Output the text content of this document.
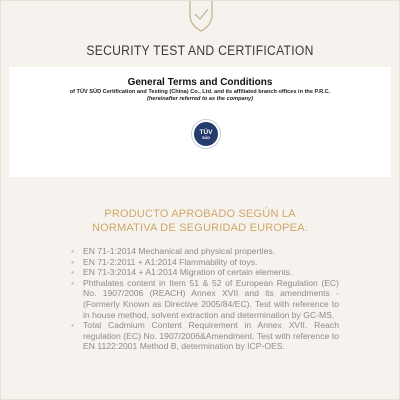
SECURITY TEST AND CERTIFICATION
General Terms and Conditions
of TÜV SÜD Certification and Testing (China) Co., Ltd. and its affiliated branch offices in the P.R.C.
(hereinafter referred to as the company)
TÜV
SÜD
PRODUCTO APROBADO SEGÚN LA
NORMATIVA DE SEGURIDAD EUROPEA.
• EN 71-1:2014 Mechanical and physical properties.
• EN 71-2:2011 + A1:2014 Flammability of toys.
• EN 71-3:2014 + A1:2014 Migration of certain elements.
• Phthalates content in Item 51 & 52 of European Regulation (EC) No. 1907/2006 (REACH) Annex XVII and its amendments - (Formerly Known as Directive 2005/84/EC). Test with reference to in house method, solvent extraction and determination by GC-MS.
• Total Cadmium Content Requirement in Annex XVII. Reach regulation (EC) No. 1907/2006&Amendment. Test with reference to EN 1122:2001 Method B, determination by ICP-OES.
